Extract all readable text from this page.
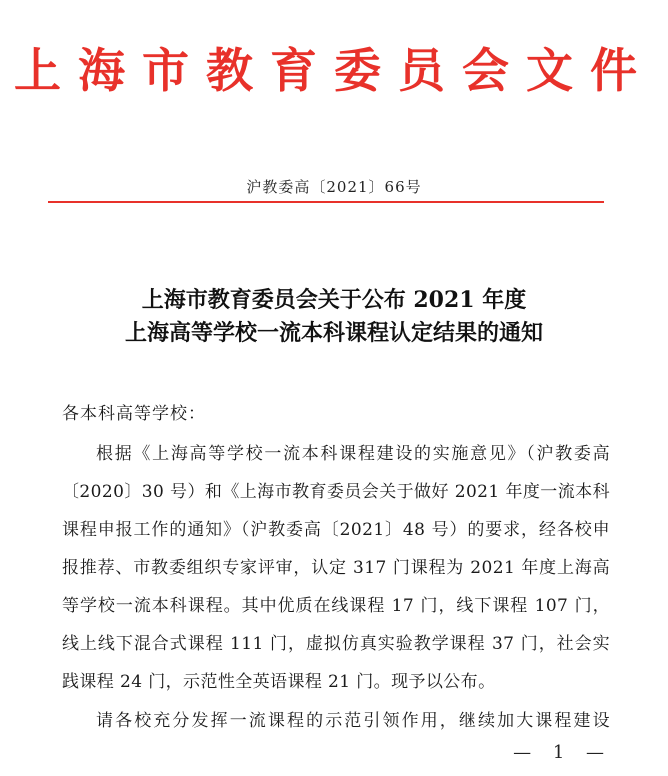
上海市教育委员会文件
沪教委高〔2021〕66号
上海市教育委员会关于公布 2021 年度
上海高等学校一流本科课程认定结果的通知
各本科高等学校：
根据《上海高等学校一流本科课程建设的实施意见》（沪教委高
〔2020〕30 号）和《上海市教育委员会关于做好 2021 年度一流本科
课程申报工作的通知》（沪教委高〔2021〕48 号）的要求，经各校申
报推荐、市教委组织专家评审，认定 317 门课程为 2021 年度上海高
等学校一流本科课程。其中优质在线课程 17 门，线下课程 107 门，
线上线下混合式课程 111 门，虚拟仿真实验教学课程 37 门，社会实
践课程 24 门，示范性全英语课程 21 门。现予以公布。
请各校充分发挥一流课程的示范引领作用，继续加大课程建设
— 1 —
